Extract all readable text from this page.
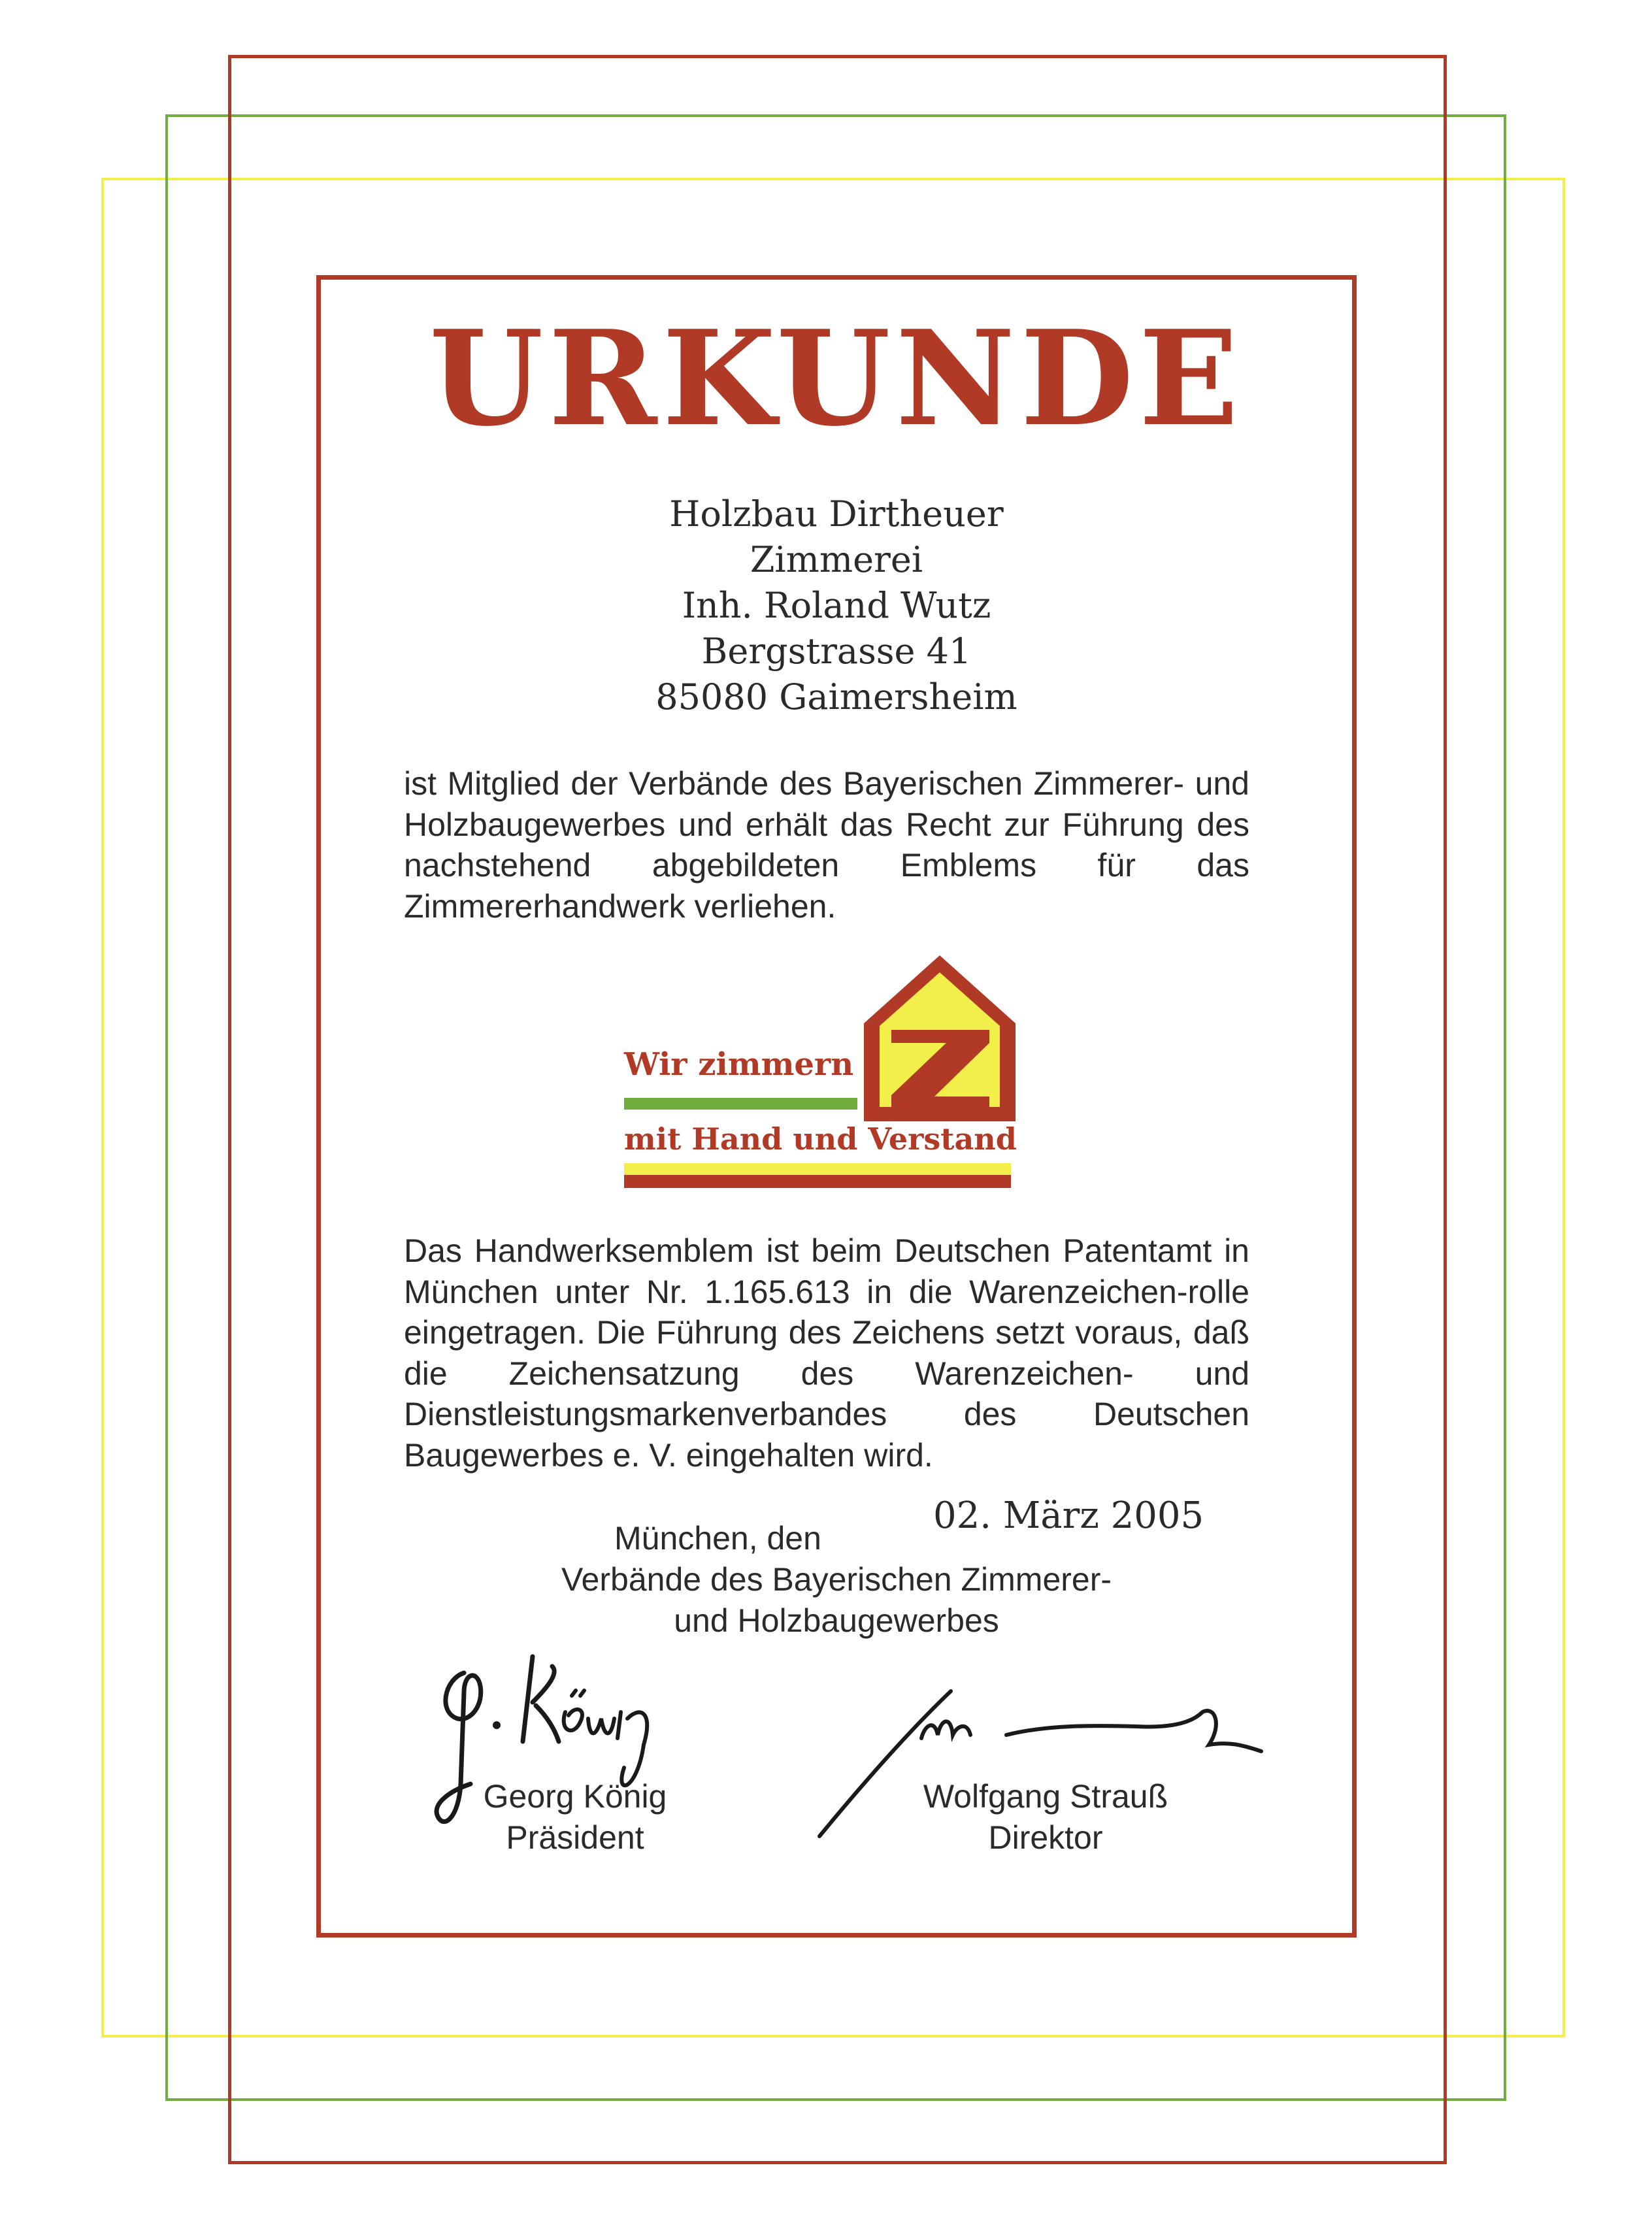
URKUNDE
Holzbau Dirtheuer
Zimmerei
Inh. Roland Wutz
Bergstrasse 41
85080 Gaimersheim

ist Mitglied der Verbände des Bayerischen Zimmerer- und Holzbaugewerbes und erhält das Recht zur Führung des nachstehend abgebildeten Emblems für das Zimmererhandwerk verliehen.

Wir zimmern
mit Hand und Verstand

Das Handwerksemblem ist beim Deutschen Patentamt in München unter Nr. 1.165.613 in die Warenzeichen-rolle eingetragen. Die Führung des Zeichens setzt voraus, daß die Zeichensatzung des Warenzeichen- und Dienstleistungsmarkenverbandes des Deutschen Baugewerbes e. V. eingehalten wird.

02. März 2005
München, den
Verbände des Bayerischen Zimmerer-
und Holzbaugewerbes
Georg König
Präsident
Wolfgang Strauß
Direktor
